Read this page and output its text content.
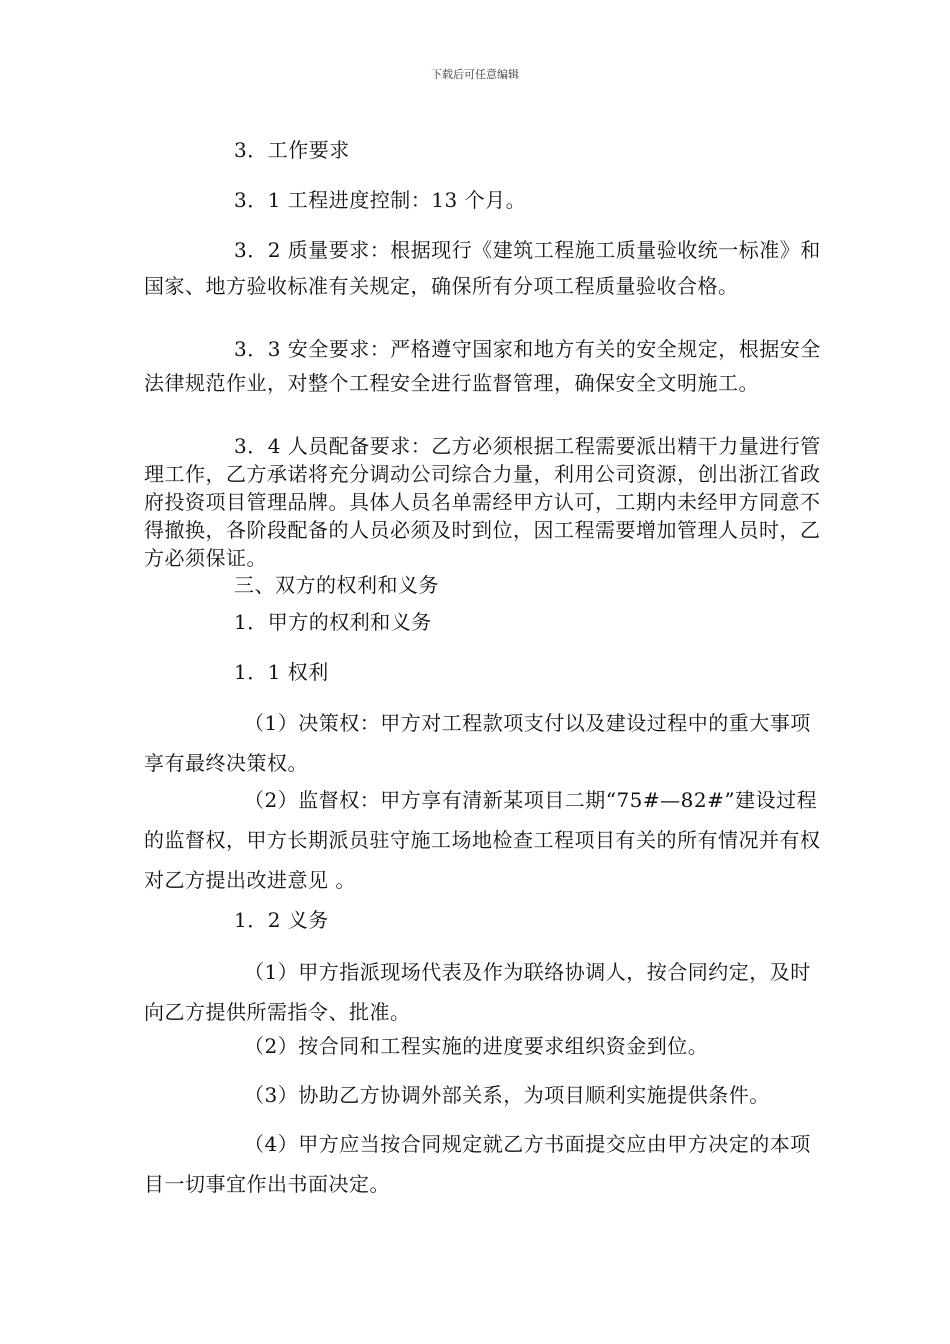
下载后可任意编辑
3．工作要求
3．1 工程进度控制：13 个月。
3．2 质量要求：根据现行《建筑工程施工质量验收统一标准》和国家、地方验收标准有关规定，确保所有分项工程质量验收合格。
3．3 安全要求：严格遵守国家和地方有关的安全规定，根据安全法律规范作业，对整个工程安全进行监督管理，确保安全文明施工。
3．4 人员配备要求：乙方必须根据工程需要派出精干力量进行管理工作，乙方承诺将充分调动公司综合力量，利用公司资源，创出浙江省政府投资项目管理品牌。具体人员名单需经甲方认可，工期内未经甲方同意不得撤换，各阶段配备的人员必须及时到位，因工程需要增加管理人员时，乙方必须保证。
三、双方的权利和义务
1．甲方的权利和义务
1．1 权利
（1）决策权：甲方对工程款项支付以及建设过程中的重大事项享有最终决策权。
（2）监督权：甲方享有清新某项目二期“75#—82#”建设过程的监督权，甲方长期派员驻守施工场地检查工程项目有关的所有情况并有权对乙方提出改进意见 。
1．2 义务
（1）甲方指派现场代表及作为联络协调人，按合同约定，及时向乙方提供所需指令、批准。
（2）按合同和工程实施的进度要求组织资金到位。
（3）协助乙方协调外部关系，为项目顺利实施提供条件。
（4）甲方应当按合同规定就乙方书面提交应由甲方决定的本项目一切事宜作出书面决定。
